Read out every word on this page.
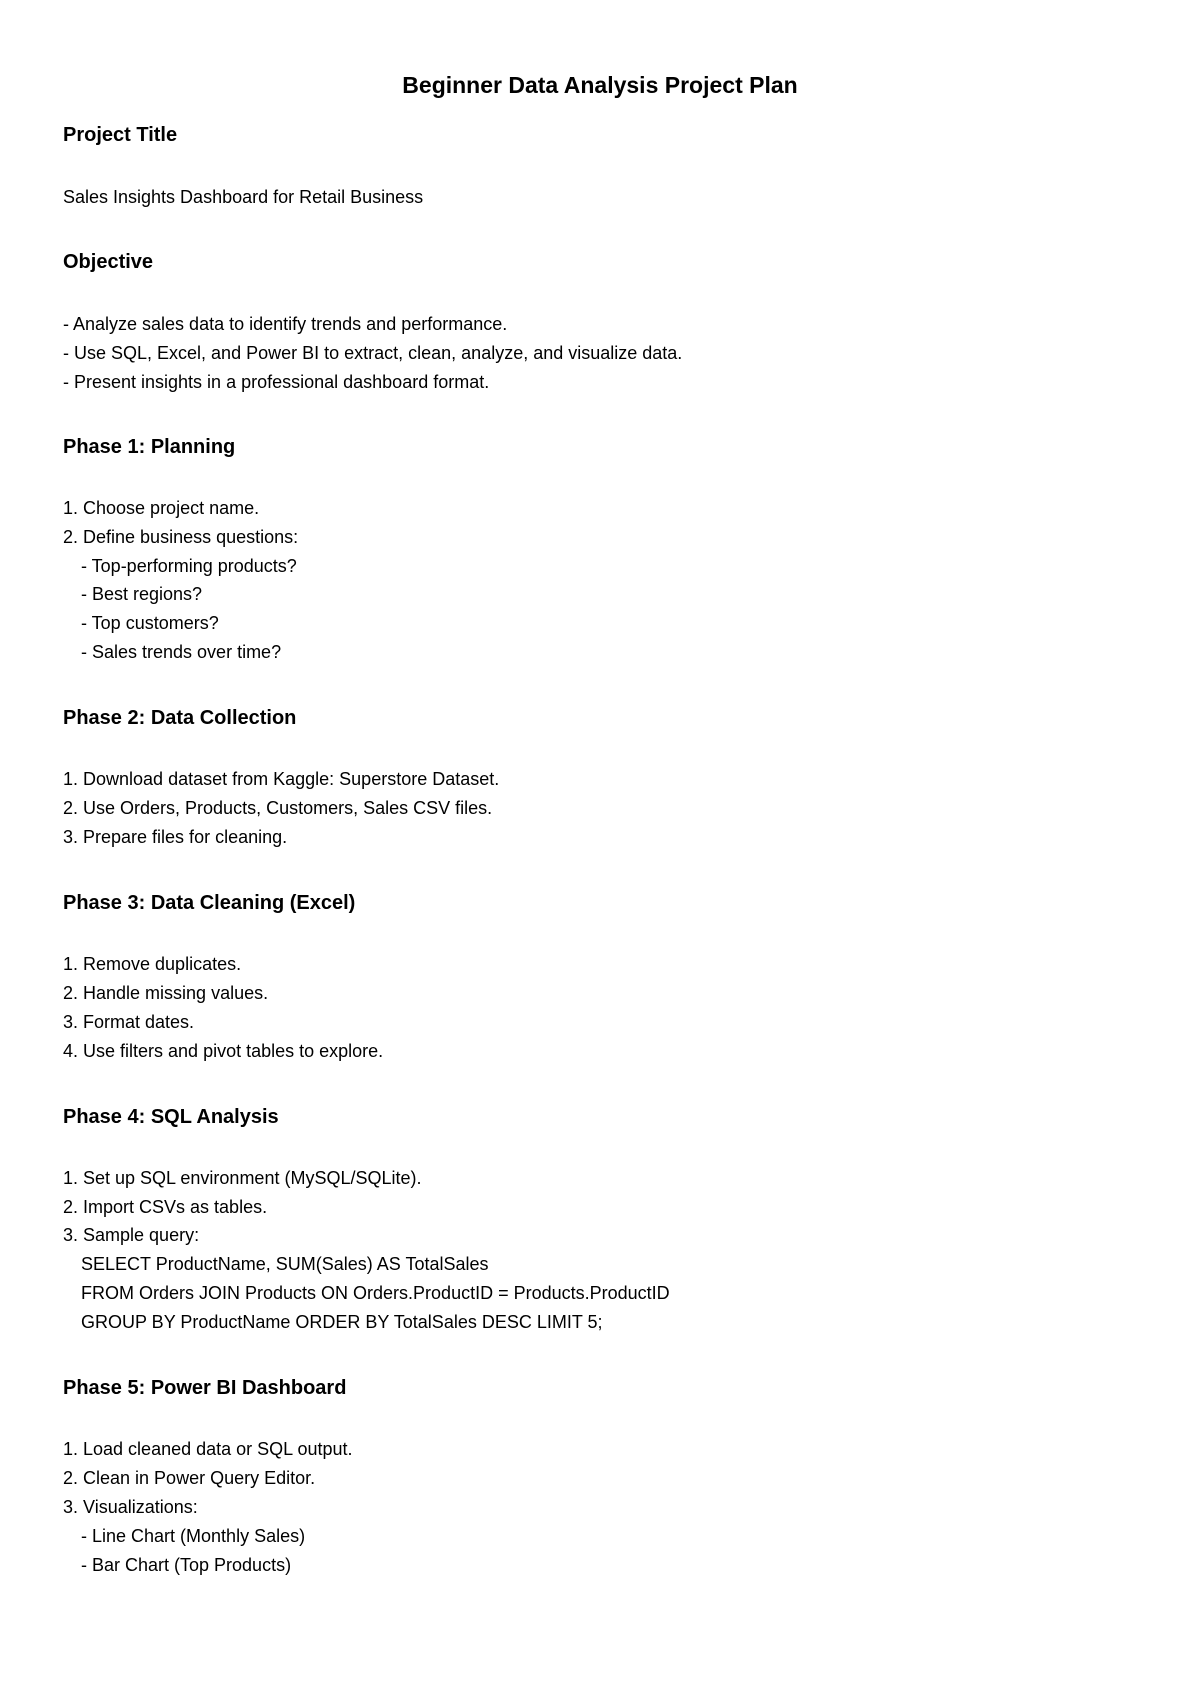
Beginner Data Analysis Project Plan
Project Title

Sales Insights Dashboard for Retail Business

Objective

- Analyze sales data to identify trends and performance.

- Use SQL, Excel, and Power BI to extract, clean, analyze, and visualize data.

- Present insights in a professional dashboard format.

Phase 1: Planning

1. Choose project name.

2. Define business questions:

- Top-performing products?

- Best regions?

- Top customers?

- Sales trends over time?

Phase 2: Data Collection

1. Download dataset from Kaggle: Superstore Dataset.

2. Use Orders, Products, Customers, Sales CSV files.

3. Prepare files for cleaning.

Phase 3: Data Cleaning (Excel)

1. Remove duplicates.

2. Handle missing values.

3. Format dates.

4. Use filters and pivot tables to explore.

Phase 4: SQL Analysis

1. Set up SQL environment (MySQL/SQLite).

2. Import CSVs as tables.

3. Sample query:

SELECT ProductName, SUM(Sales) AS TotalSales

FROM Orders JOIN Products ON Orders.ProductID = Products.ProductID

GROUP BY ProductName ORDER BY TotalSales DESC LIMIT 5;

Phase 5: Power BI Dashboard

1. Load cleaned data or SQL output.

2. Clean in Power Query Editor.

3. Visualizations:

- Line Chart (Monthly Sales)

- Bar Chart (Top Products)
